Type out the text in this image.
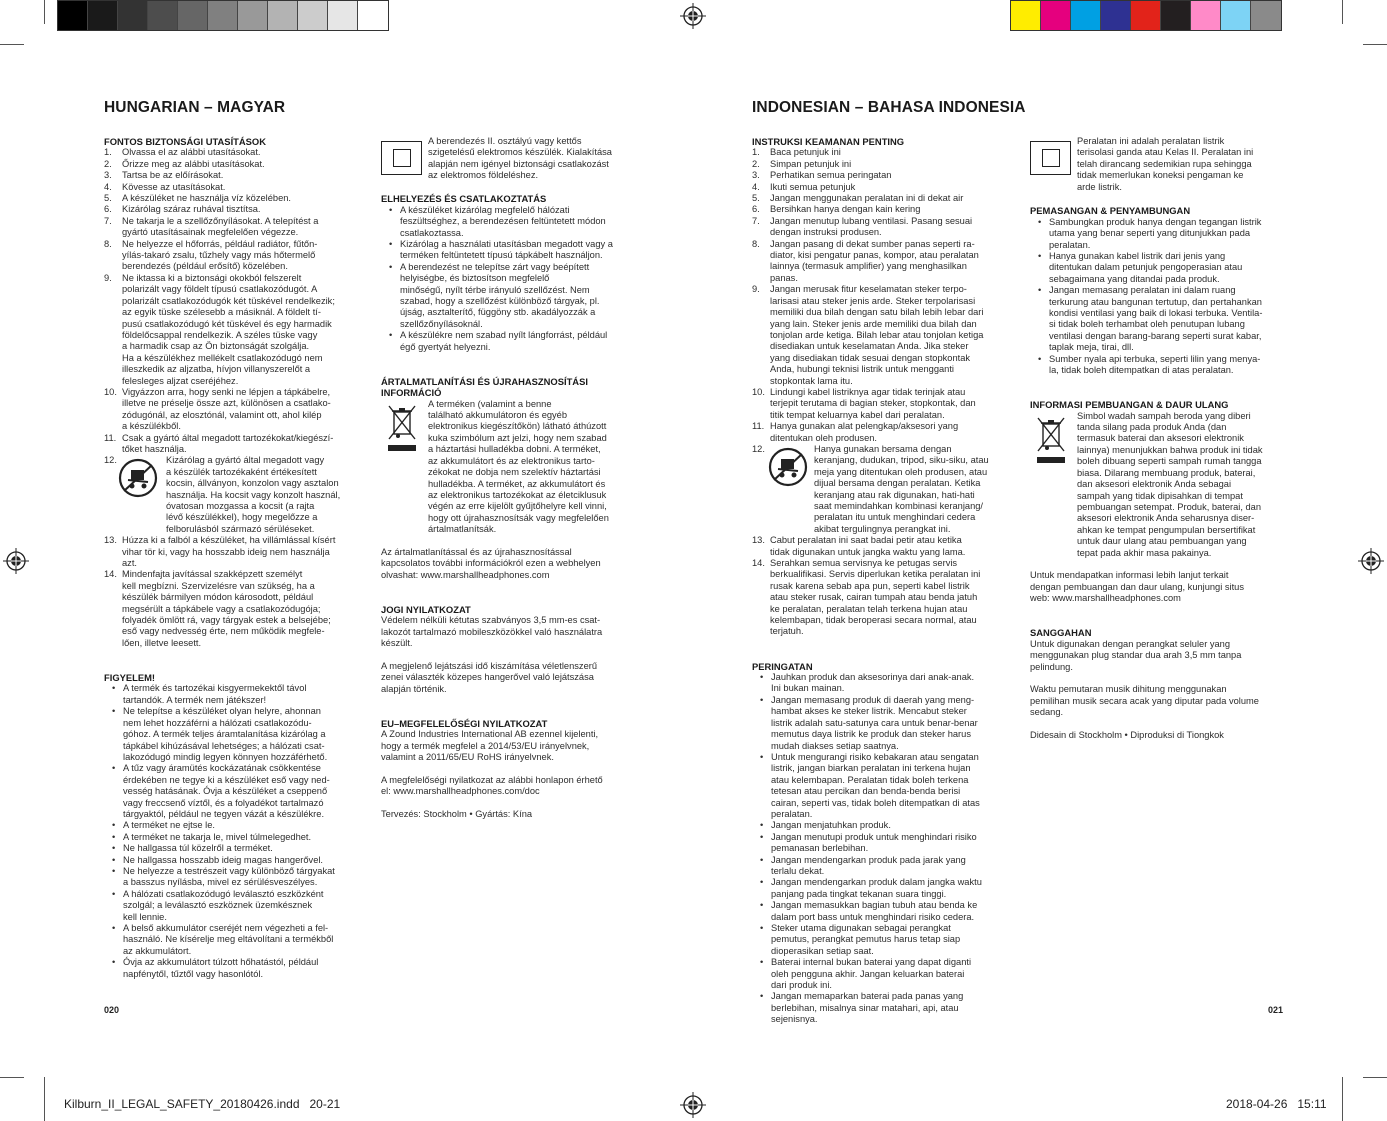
HUNGARIAN – MAGYAR
FONTOS BIZTONSÁGI UTASÍTÁSOK
1. Olvassa el az alábbi utasításokat.
2. Őrizze meg az alábbi utasításokat.
3. Tartsa be az előírásokat.
4. Kövesse az utasításokat.
5. A készüléket ne használja víz közelében.
6. Kizárólag száraz ruhával tisztítsa.
7. Ne takarja le a szellőzőnyílásokat. A telepítést a
gyártó utasításainak megfelelően végezze.
8. Ne helyezze el hőforrás, például radiátor, fűtőn-
yílás-takaró zsalu, tűzhely vagy más hőtermelő
berendezés (például erősítő) közelében.
9. Ne iktassa ki a biztonsági okokból felszerelt
polarizált vagy földelt típusú csatlakozódugót. A
polarizált csatlakozódugók két tüskével rendelkezik;
az egyik tüske szélesebb a másiknál. A földelt tí-
pusú csatlakozódugó két tüskével és egy harmadik
földelőcsappal rendelkezik. A széles tüske vagy
a harmadik csap az Ön biztonságát szolgálja.
Ha a készülékhez mellékelt csatlakozódugó nem
illeszkedik az aljzatba, hívjon villanyszerelőt a
felesleges aljzat cseréjéhez.
10. Vigyázzon arra, hogy senki ne lépjen a tápkábelre,
illetve ne préselje össze azt, különösen a csatlako-
zódugónál, az elosztónál, valamint ott, ahol kilép
a készülékből.
11. Csak a gyártó által megadott tartozékokat/kiegészí-
tőket használja.
12.	Kizárólag a gyártó által megadott vagy
a készülék tartozékaként értékesített
kocsin, állványon, konzolon vagy asztalon
használja. Ha kocsit vagy konzolt használ,
óvatosan mozgassa a kocsit (a rajta
lévő készülékkel), hogy megelőzze a
felborulásból származó sérüléseket.

13. Húzza ki a falból a készüléket, ha villámlással kísért
vihar tör ki, vagy ha hosszabb ideig nem használja
azt.
14. Mindenfajta javítással szakképzett személyt
kell megbízni. Szervizelésre van szükség, ha a
készülék bármilyen módon károsodott, például
megsérült a tápkábele vagy a csatlakozódugója;
folyadék ömlött rá, vagy tárgyak estek a belsejébe;
eső vagy nedvesség érte, nem működik megfele-
lően, illetve leesett.
FIGYELEM!
• A termék és tartozékai kisgyermekektől távol
tartandók. A termék nem játékszer!
• Ne telepítse a készüléket olyan helyre, ahonnan
nem lehet hozzáférni a hálózati csatlakozódu-
góhoz. A termék teljes áramtalanítása kizárólag a
tápkábel kihúzásával lehetséges; a hálózati csat-
lakozódugó mindig legyen könnyen hozzáférhető.
• A tűz vagy áramütés kockázatának csökkentése
érdekében ne tegye ki a készüléket eső vagy ned-
vesség hatásának. Óvja a készüléket a cseppenő
vagy freccsenő víztől, és a folyadékot tartalmazó
tárgyaktól, például ne tegyen vázát a készülékre.
• A terméket ne ejtse le.
• A terméket ne takarja le, mivel túlmelegedhet.
• Ne hallgassa túl közelről a terméket.
• Ne hallgassa hosszabb ideig magas hangerővel.
• Ne helyezze a testrészeit vagy különböző tárgyakat
a basszus nyílásba, mivel ez sérülésveszélyes.
• A hálózati csatlakozódugó leválasztó eszközként
szolgál; a leválasztó eszköznek üzemkésznek
kell lennie.
• A belső akkumulátor cseréjét nem végezheti a fel-
használó. Ne kísérelje meg eltávolítani a termékből
az akkumulátort.
• Óvja az akkumulátort túlzott hőhatástól, például
napfénytől, tűztől vagy hasonlótól.

A berendezés II. osztályú vagy kettős
szigetelésű elektromos készülék. Kialakítása
alapján nem igényel biztonsági csatlakozást
az elektromos földeléshez.

ELHELYEZÉS ÉS CSATLAKOZTATÁS
• A készüléket kizárólag megfelelő hálózati
feszültséghez, a berendezésen feltüntetett módon
csatlakoztassa.
• Kizárólag a használati utasításban megadott vagy a
terméken feltüntetett típusú tápkábelt használjon.
• A berendezést ne telepítse zárt vagy beépített
helyiségbe, és biztosítson megfelelő
minőségű, nyílt térbe irányuló szellőzést. Nem
szabad, hogy a szellőzést különböző tárgyak, pl.
újság, asztalterítő, függöny stb. akadályozzák a
szellőzőnyílásoknál.
• A készülékre nem szabad nyílt lángforrást, például
égő gyertyát helyezni.
ÁRTALMATLANÍTÁSI ÉS ÚJRAHASZNOSÍTÁSI
INFORMÁCIÓ

A terméken (valamint a benne
található akkumulátoron és egyéb
elektronikus kiegészítőkön) látható áthúzott
kuka szimbólum azt jelzi, hogy nem szabad
a háztartási hulladékba dobni. A terméket,
az akkumulátort és az elektronikus tarto-
zékokat ne dobja nem szelektív háztartási
hulladékba. A terméket, az akkumulátort és
az elektronikus tartozékokat az életciklusuk
végén az erre kijelölt gyűjtőhelyre kell vinni,
hogy ott újrahasznosítsák vagy megfelelően
ártalmatlanítsák.

Az ártalmatlanítással és az újrahasznosítással
kapcsolatos további információkról ezen a webhelyen
olvashat: www.marshallheadphones.com

JOGI NYILATKOZAT

Védelem nélküli kétutas szabványos 3,5 mm-es csat-
lakozót tartalmazó mobileszközökkel való használatra
készült.

A megjelenő lejátszási idő kiszámítása véletlenszerű
zenei választék közepes hangerővel való lejátszása
alapján történik.

EU–MEGFELELŐSÉGI NYILATKOZAT

A Zound Industries International AB ezennel kijelenti,
hogy a termék megfelel a 2014/53/EU irányelvnek,
valamint a 2011/65/EU RoHS irányelvnek.

A megfelelőségi nyilatkozat az alábbi honlapon érhető
el: www.marshallheadphones.com/doc

Tervezés: Stockholm • Gyártás: Kína

020
INDONESIAN – BAHASA INDONESIA
INSTRUKSI KEAMANAN PENTING
1. Baca petunjuk ini
2. Simpan petunjuk ini
3. Perhatikan semua peringatan
4. Ikuti semua petunjuk
5. Jangan menggunakan peralatan ini di dekat air
6. Bersihkan hanya dengan kain kering
7. Jangan menutup lubang ventilasi. Pasang sesuai
dengan instruksi produsen.
8. Jangan pasang di dekat sumber panas seperti ra-
diator, kisi pengatur panas, kompor, atau peralatan
lainnya (termasuk amplifier) yang menghasilkan
panas.
9. Jangan merusak fitur keselamatan steker terpo-
larisasi atau steker jenis arde. Steker terpolarisasi
memiliki dua bilah dengan satu bilah lebih lebar dari
yang lain. Steker jenis arde memiliki dua bilah dan
tonjolan arde ketiga. Bilah lebar atau tonjolan ketiga
disediakan untuk keselamatan Anda. Jika steker
yang disediakan tidak sesuai dengan stopkontak
Anda, hubungi teknisi listrik untuk mengganti
stopkontak lama itu.
10. Lindungi kabel listriknya agar tidak terinjak atau
terjepit terutama di bagian steker, stopkontak, dan
titik tempat keluarnya kabel dari peralatan.
11. Hanya gunakan alat pelengkap/aksesori yang
ditentukan oleh produsen.
12.	Hanya gunakan bersama dengan
keranjang, dudukan, tripod, siku-siku, atau
meja yang ditentukan oleh produsen, atau
dijual bersama dengan peralatan. Ketika
keranjang atau rak digunakan, hati-hati
saat memindahkan kombinasi keranjang/
peralatan itu untuk menghindari cedera
akibat tergulingnya perangkat ini.

13. Cabut peralatan ini saat badai petir atau ketika
tidak digunakan untuk jangka waktu yang lama.
14. Serahkan semua servisnya ke petugas servis
berkualifikasi. Servis diperlukan ketika peralatan ini
rusak karena sebab apa pun, seperti kabel listrik
atau steker rusak, cairan tumpah atau benda jatuh
ke peralatan, peralatan telah terkena hujan atau
kelembapan, tidak beroperasi secara normal, atau
terjatuh.
PERINGATAN
• Jauhkan produk dan aksesorinya dari anak-anak.
Ini bukan mainan.
• Jangan memasang produk di daerah yang meng-
hambat akses ke steker listrik. Mencabut steker
listrik adalah satu-satunya cara untuk benar-benar
memutus daya listrik ke produk dan steker harus
mudah diakses setiap saatnya.
• Untuk mengurangi risiko kebakaran atau sengatan
listrik, jangan biarkan peralatan ini terkena hujan
atau kelembapan. Peralatan tidak boleh terkena
tetesan atau percikan dan benda-benda berisi
cairan, seperti vas, tidak boleh ditempatkan di atas
peralatan.
• Jangan menjatuhkan produk.
• Jangan menutupi produk untuk menghindari risiko
pemanasan berlebihan.
• Jangan mendengarkan produk pada jarak yang
terlalu dekat.
• Jangan mendengarkan produk dalam jangka waktu
panjang pada tingkat tekanan suara tinggi.
• Jangan memasukkan bagian tubuh atau benda ke
dalam port bass untuk menghindari risiko cedera.
• Steker utama digunakan sebagai perangkat
pemutus, perangkat pemutus harus tetap siap
dioperasikan setiap saat.
• Baterai internal bukan baterai yang dapat diganti
oleh pengguna akhir. Jangan keluarkan baterai
dari produk ini.
• Jangan memaparkan baterai pada panas yang
berlebihan, misalnya sinar matahari, api, atau
sejenisnya.

Peralatan ini adalah peralatan listrik
terisolasi ganda atau Kelas II. Peralatan ini
telah dirancang sedemikian rupa sehingga
tidak memerlukan koneksi pengaman ke
arde listrik.

PEMASANGAN & PENYAMBUNGAN
• Sambungkan produk hanya dengan tegangan listrik
utama yang benar seperti yang ditunjukkan pada
peralatan.
• Hanya gunakan kabel listrik dari jenis yang
ditentukan dalam petunjuk pengoperasian atau
sebagaimana yang ditandai pada produk.
• Jangan memasang peralatan ini dalam ruang
terkurung atau bangunan tertutup, dan pertahankan
kondisi ventilasi yang baik di lokasi terbuka. Ventila-
si tidak boleh terhambat oleh penutupan lubang
ventilasi dengan barang-barang seperti surat kabar,
taplak meja, tirai, dll.
• Sumber nyala api terbuka, seperti lilin yang menya-
la, tidak boleh ditempatkan di atas peralatan.
INFORMASI PEMBUANGAN & DAUR ULANG

Simbol wadah sampah beroda yang diberi
tanda silang pada produk Anda (dan
termasuk baterai dan aksesori elektronik
lainnya) menunjukkan bahwa produk ini tidak
boleh dibuang seperti sampah rumah tangga
biasa. Dilarang membuang produk, baterai,
dan aksesori elektronik Anda sebagai
sampah yang tidak dipisahkan di tempat
pembuangan setempat. Produk, baterai, dan
aksesori elektronik Anda seharusnya diser-
ahkan ke tempat pengumpulan bersertifikat
untuk daur ulang atau pembuangan yang
tepat pada akhir masa pakainya.

Untuk mendapatkan informasi lebih lanjut terkait
dengan pembuangan dan daur ulang, kunjungi situs
web: www.marshallheadphones.com

SANGGAHAN

Untuk digunakan dengan perangkat seluler yang
menggunakan plug standar dua arah 3,5 mm tanpa
pelindung.

Waktu pemutaran musik dihitung menggunakan
pemilihan musik secara acak yang diputar pada volume
sedang.

Didesain di Stockholm • Diproduksi di Tiongkok

021
Kilburn_II_LEGAL_SAFETY_20180426.indd   20-21	2018-04-26   15:11
